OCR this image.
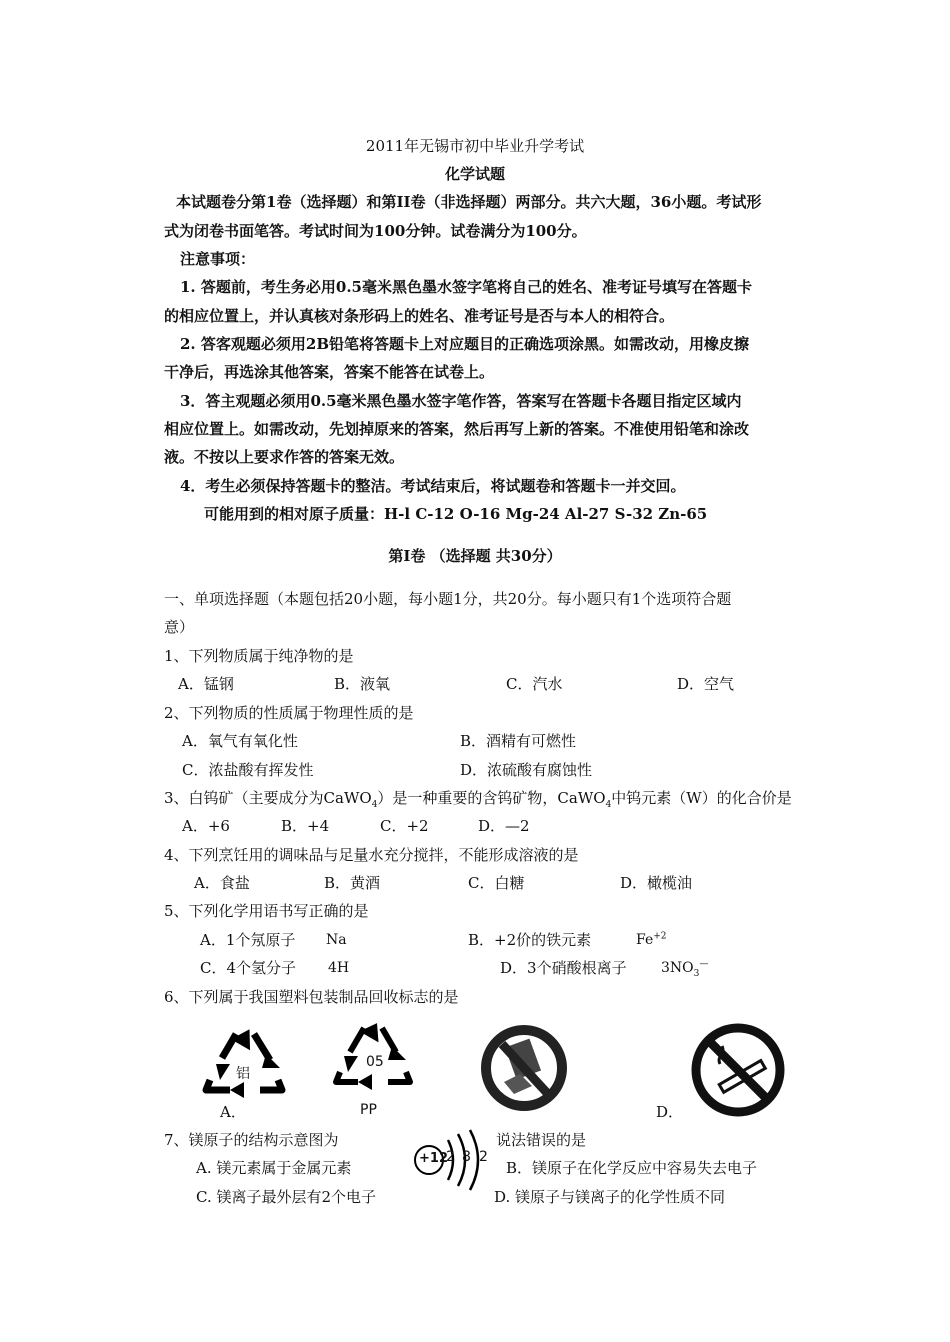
2011年无锡市初中毕业升学考试
化学试题
本试题卷分第1卷（选择题）和第II卷（非选择题）两部分。共六大题，36小题。考试形
式为闭卷书面笔答。考试时间为100分钟。试卷满分为100分。
注意事项：
1. 答题前，考生务必用0.5毫米黑色墨水签字笔将自己的姓名、准考证号填写在答题卡
的相应位置上，并认真核对条形码上的姓名、准考证号是否与本人的相符合。
2. 答客观题必须用2B铅笔将答题卡上对应题目的正确选项涂黑。如需改动，用橡皮擦
干净后，再选涂其他答案，答案不能答在试卷上。
3．答主观题必须用0.5毫米黑色墨水签字笔作答，答案写在答题卡各题目指定区域内
相应位置上。如需改动，先划掉原来的答案，然后再写上新的答案。不准使用铅笔和涂改
液。不按以上要求作答的答案无效。
4．考生必须保持答题卡的整洁。考试结束后，将试题卷和答题卡一并交回。
可能用到的相对原子质量：H-l C-12 O-16 Mg-24 Al-27 S-32 Zn-65
第I卷 （选择题 共30分）
一、单项选择题（本题包括20小题，每小题1分，共20分。每小题只有1个选项符合题
意）
1、下列物质属于纯净物的是
A．锰钢	B．液氧	C．汽水	D．空气
2、下列物质的性质属于物理性质的是
A．氧气有氧化性	B．酒精有可燃性
C．浓盐酸有挥发性	D．浓硫酸有腐蚀性
3、白钨矿（主要成分为CaWO$_4$）是一种重要的含钨矿物，CaWO$_4$中钨元素（W）的化合价是
A．+6	B．+4	C．+2	D．—2
4、下列烹饪用的调味品与足量水充分搅拌，不能形成溶液的是
A．食盐	B．黄酒	C．白糖	D．橄榄油
5、下列化学用语书写正确的是
A．1个氖原子 Na	B．+2价的铁元素	$Fe^{+2}$
C．4个氢分子 4H	D．3个硝酸根离子 $3NO_3^—$
6、下列属于我国塑料包装制品回收标志的是
铝
05
PP
A．	D．
7、镁原子的结构示意图为	说法错误的是
+12
2 8 2
A. 镁元素属于金属元素	B．镁原子在化学反应中容易失去电子
C. 镁离子最外层有2个电子	D. 镁原子与镁离子的化学性质不同
